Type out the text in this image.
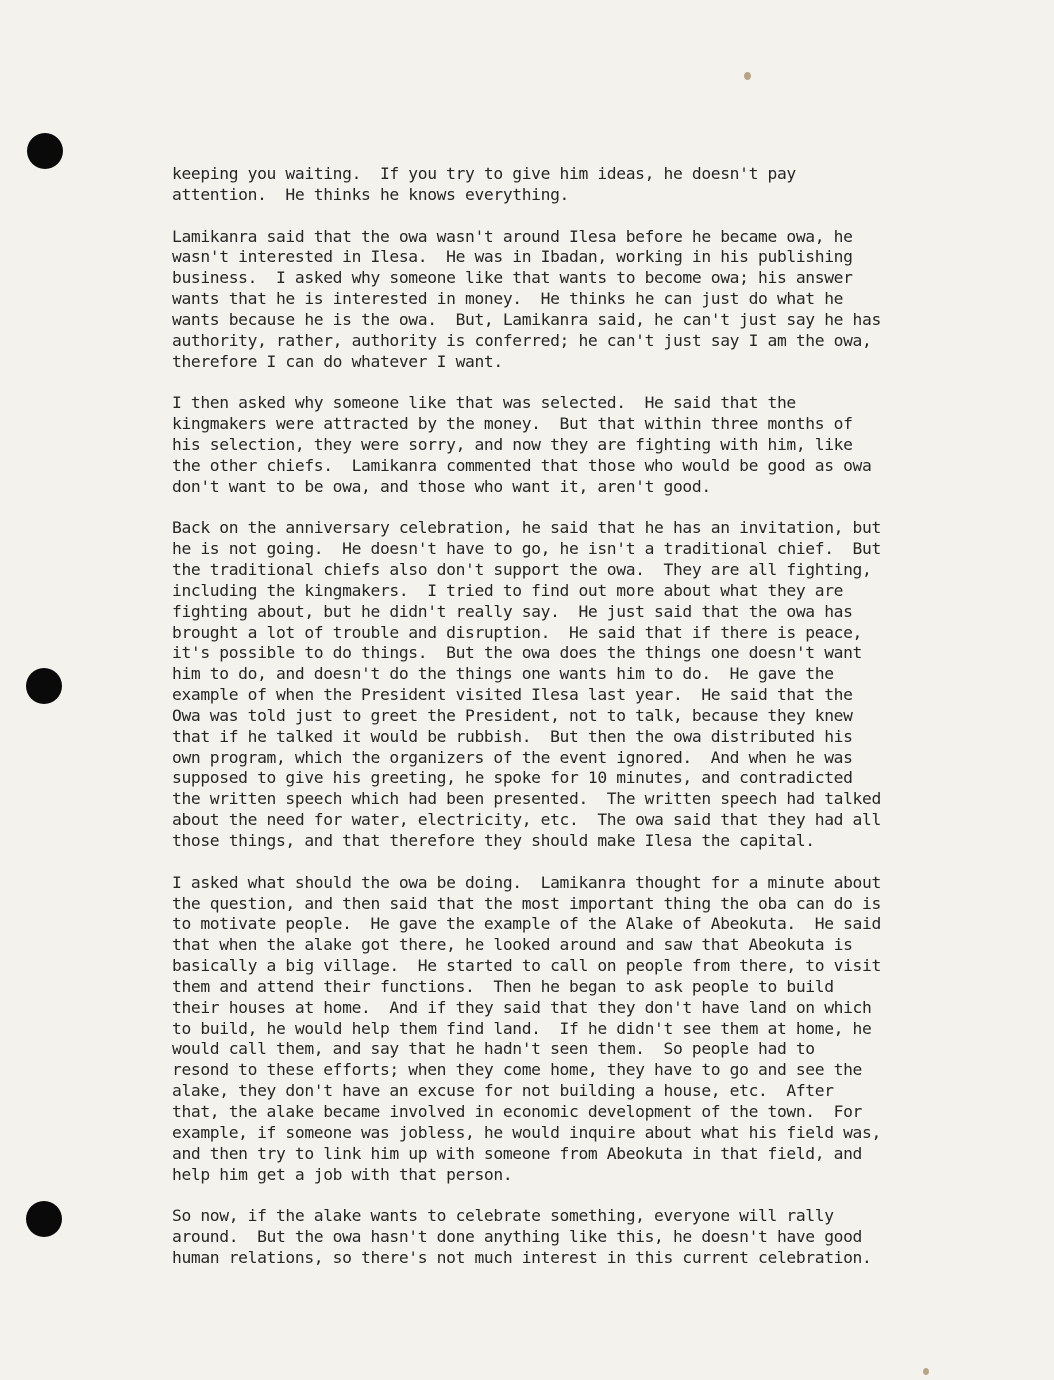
keeping you waiting.  If you try to give him ideas, he doesn't pay
attention.  He thinks he knows everything.

Lamikanra said that the owa wasn't around Ilesa before he became owa, he
wasn't interested in Ilesa.  He was in Ibadan, working in his publishing
business.  I asked why someone like that wants to become owa; his answer
wants that he is interested in money.  He thinks he can just do what he
wants because he is the owa.  But, Lamikanra said, he can't just say he has
authority, rather, authority is conferred; he can't just say I am the owa,
therefore I can do whatever I want.

I then asked why someone like that was selected.  He said that the
kingmakers were attracted by the money.  But that within three months of
his selection, they were sorry, and now they are fighting with him, like
the other chiefs.  Lamikanra commented that those who would be good as owa
don't want to be owa, and those who want it, aren't good.

Back on the anniversary celebration, he said that he has an invitation, but
he is not going.  He doesn't have to go, he isn't a traditional chief.  But
the traditional chiefs also don't support the owa.  They are all fighting,
including the kingmakers.  I tried to find out more about what they are
fighting about, but he didn't really say.  He just said that the owa has
brought a lot of trouble and disruption.  He said that if there is peace,
it's possible to do things.  But the owa does the things one doesn't want
him to do, and doesn't do the things one wants him to do.  He gave the
example of when the President visited Ilesa last year.  He said that the
Owa was told just to greet the President, not to talk, because they knew
that if he talked it would be rubbish.  But then the owa distributed his
own program, which the organizers of the event ignored.  And when he was
supposed to give his greeting, he spoke for 10 minutes, and contradicted
the written speech which had been presented.  The written speech had talked
about the need for water, electricity, etc.  The owa said that they had all
those things, and that therefore they should make Ilesa the capital.

I asked what should the owa be doing.  Lamikanra thought for a minute about
the question, and then said that the most important thing the oba can do is
to motivate people.  He gave the example of the Alake of Abeokuta.  He said
that when the alake got there, he looked around and saw that Abeokuta is
basically a big village.  He started to call on people from there, to visit
them and attend their functions.  Then he began to ask people to build
their houses at home.  And if they said that they don't have land on which
to build, he would help them find land.  If he didn't see them at home, he
would call them, and say that he hadn't seen them.  So people had to
resond to these efforts; when they come home, they have to go and see the
alake, they don't have an excuse for not building a house, etc.  After
that, the alake became involved in economic development of the town.  For
example, if someone was jobless, he would inquire about what his field was,
and then try to link him up with someone from Abeokuta in that field, and
help him get a job with that person.

So now, if the alake wants to celebrate something, everyone will rally
around.  But the owa hasn't done anything like this, he doesn't have good
human relations, so there's not much interest in this current celebration.
